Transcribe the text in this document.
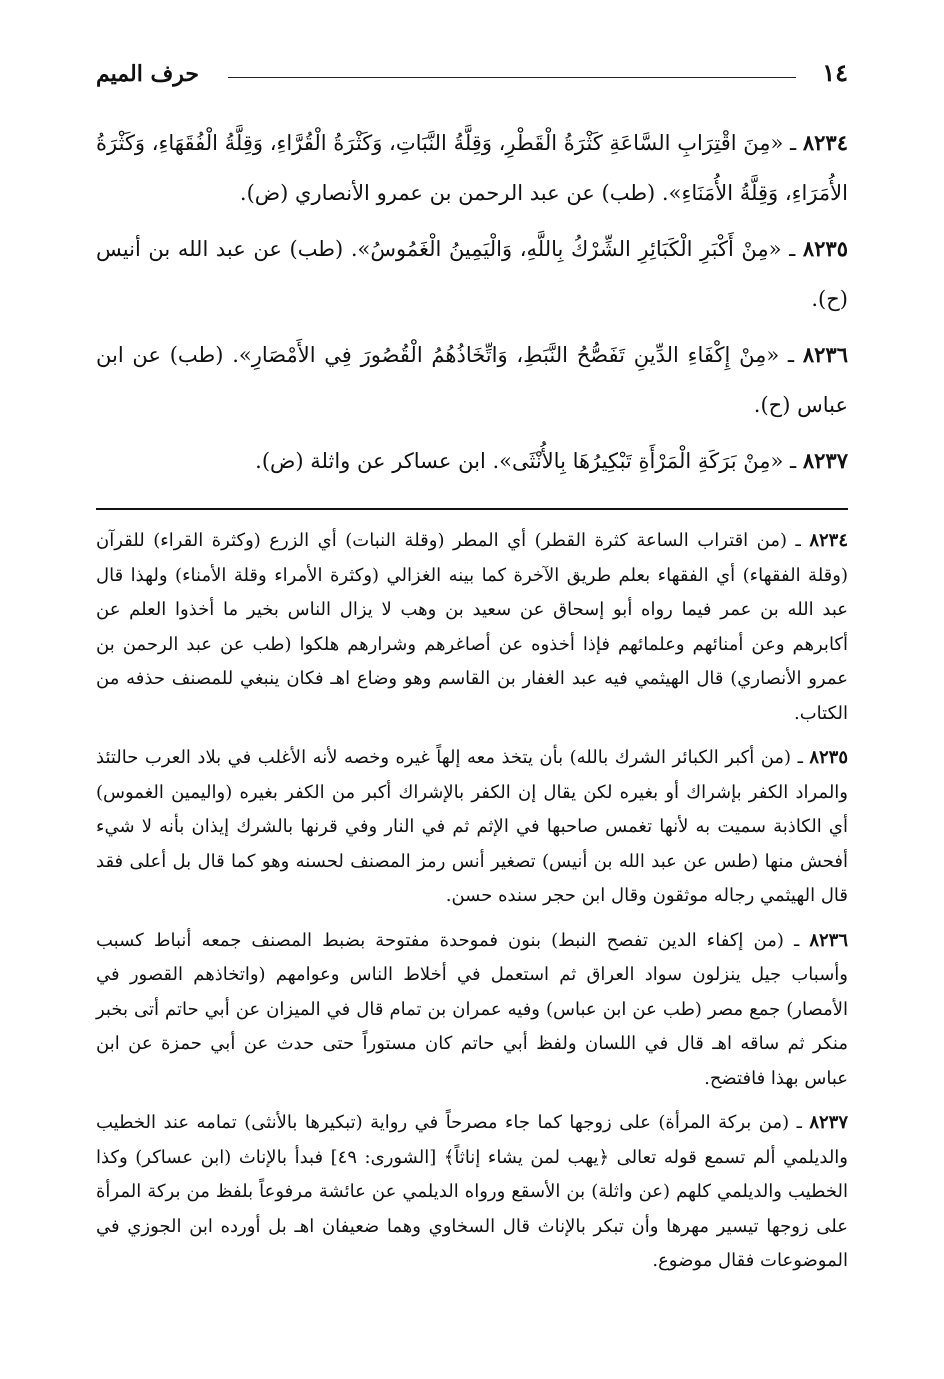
١٤
حرف الميم

٨٢٣٤ ـ «مِنَ اقْتِرَابِ السَّاعَةِ كَثْرَةُ الْقَطْرِ، وَقِلَّةُ النَّبَاتِ، وَكَثْرَةُ الْقُرَّاءِ، وَقِلَّةُ الْفُقَهَاءِ، وَكَثْرَةُ الأُمَرَاءِ، وَقِلَّةُ الأُمَنَاءِ». (طب) عن عبد الرحمن بن عمرو الأنصاري (ض).

٨٢٣٥ ـ «مِنْ أَكْبَرِ الْكَبَائِرِ الشِّرْكُ بِاللَّهِ، وَالْيَمِينُ الْغَمُوسُ». (طب) عن عبد الله بن أنيس (ح).

٨٢٣٦ ـ «مِنْ إِكْفَاءِ الدِّينِ تَفَصُّحُ النَّبَطِ، وَاتِّخَاذُهُمُ الْقُصُورَ فِي الأَمْصَارِ». (طب) عن ابن عباس (ح).

٨٢٣٧ ـ «مِنْ بَرَكَةِ الْمَرْأَةِ تَبْكِيرُهَا بِالأُنْثَى». ابن عساكر عن واثلة (ض).

٨٢٣٤ ـ (من اقتراب الساعة كثرة القطر) أي المطر (وقلة النبات) أي الزرع (وكثرة القراء) للقرآن (وقلة الفقهاء) أي الفقهاء بعلم طريق الآخرة كما بينه الغزالي (وكثرة الأمراء وقلة الأمناء) ولهذا قال عبد الله بن عمر فيما رواه أبو إسحاق عن سعيد بن وهب لا يزال الناس بخير ما أخذوا العلم عن أكابرهم وعن أمنائهم وعلمائهم فإذا أخذوه عن أصاغرهم وشرارهم هلكوا (طب عن عبد الرحمن بن عمرو الأنصاري) قال الهيثمي فيه عبد الغفار بن القاسم وهو وضاع اهـ فكان ينبغي للمصنف حذفه من الكتاب.

٨٢٣٥ ـ (من أكبر الكبائر الشرك بالله) بأن يتخذ معه إلهاً غيره وخصه لأنه الأغلب في بلاد العرب حالتئذ والمراد الكفر بإشراك أو بغيره لكن يقال إن الكفر بالإشراك أكبر من الكفر بغيره (واليمين الغموس) أي الكاذبة سميت به لأنها تغمس صاحبها في الإثم ثم في النار وفي قرنها بالشرك إيذان بأنه لا شيء أفحش منها (طس عن عبد الله بن أنيس) تصغير أنس رمز المصنف لحسنه وهو كما قال بل أعلى فقد قال الهيثمي رجاله موثقون وقال ابن حجر سنده حسن.

٨٢٣٦ ـ (من إكفاء الدين تفصح النبط) بنون فموحدة مفتوحة بضبط المصنف جمعه أنباط كسبب وأسباب جيل ينزلون سواد العراق ثم استعمل في أخلاط الناس وعوامهم (واتخاذهم القصور في الأمصار) جمع مصر (طب عن ابن عباس) وفيه عمران بن تمام قال في الميزان عن أبي حاتم أتى بخبر منكر ثم ساقه اهـ قال في اللسان ولفظ أبي حاتم كان مستوراً حتى حدث عن أبي حمزة عن ابن عباس بهذا فافتضح.

٨٢٣٧ ـ (من بركة المرأة) على زوجها كما جاء مصرحاً في رواية (تبكيرها بالأنثى) تمامه عند الخطيب والديلمي ألم تسمع قوله تعالى ﴿يهب لمن يشاء إناثاً﴾ [الشورى: ٤٩] فبدأ بالإناث (ابن عساكر) وكذا الخطيب والديلمي كلهم (عن واثلة) بن الأسقع ورواه الديلمي عن عائشة مرفوعاً بلفظ من بركة المرأة على زوجها تيسير مهرها وأن تبكر بالإناث قال السخاوي وهما ضعيفان اهـ بل أورده ابن الجوزي في الموضوعات فقال موضوع.
